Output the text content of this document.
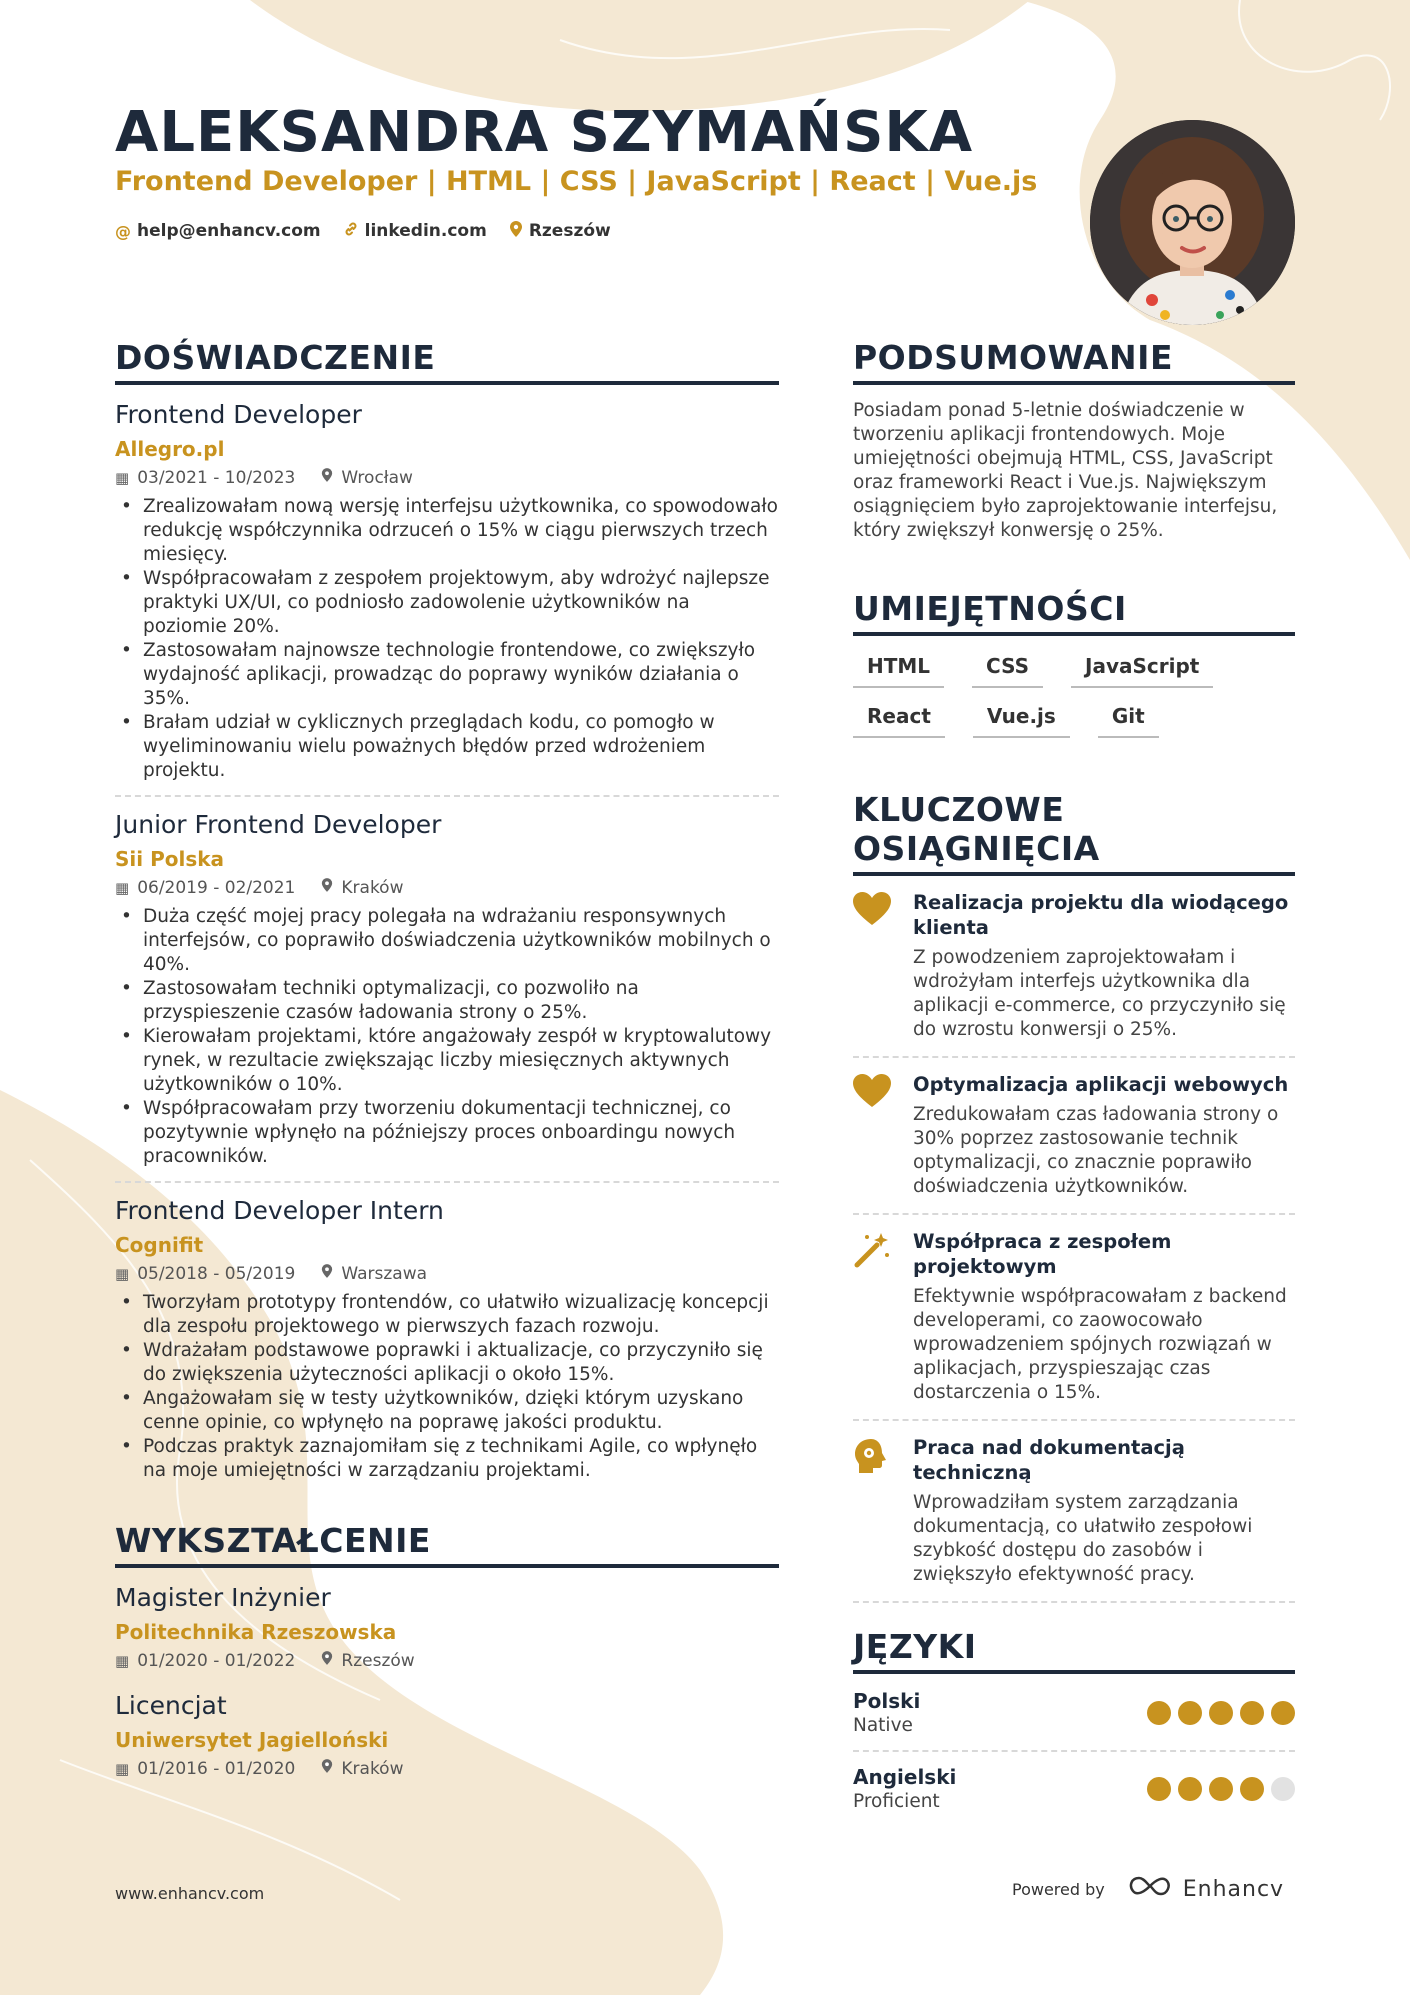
ALEKSANDRA SZYMAŃSKA
Frontend Developer | HTML | CSS | JavaScript | React | Vue.js
@ help@enhancv.com	linkedin.com Rzeszów
DOŚWIADCZENIE
Frontend Developer
Allegro.pl
▦ 03/2021 - 10/2023	Wrocław
• Zrealizowałam nową wersję interfejsu użytkownika, co spowodowało redukcję współczynnika odrzuceń o 15% w ciągu pierwszych trzech miesięcy.
• Współpracowałam z zespołem projektowym, aby wdrożyć najlepsze praktyki UX/UI, co podniosło zadowolenie użytkowników na poziomie 20%.
• Zastosowałam najnowsze technologie frontendowe, co zwiększyło wydajność aplikacji, prowadząc do poprawy wyników działania o 35%.
• Brałam udział w cyklicznych przeglądach kodu, co pomogło w wyeliminowaniu wielu poważnych błędów przed wdrożeniem projektu.
Junior Frontend Developer
Sii Polska
▦ 06/2019 - 02/2021	Kraków
• Duża część mojej pracy polegała na wdrażaniu responsywnych interfejsów, co poprawiło doświadczenia użytkowników mobilnych o 40%.
• Zastosowałam techniki optymalizacji, co pozwoliło na przyspieszenie czasów ładowania strony o 25%.
• Kierowałam projektami, które angażowały zespół w kryptowalutowy rynek, w rezultacie zwiększając liczby miesięcznych aktywnych użytkowników o 10%.
• Współpracowałam przy tworzeniu dokumentacji technicznej, co pozytywnie wpłynęło na późniejszy proces onboardingu nowych pracowników.
Frontend Developer Intern
Cognifit
▦ 05/2018 - 05/2019	Warszawa
• Tworzyłam prototypy frontendów, co ułatwiło wizualizację koncepcji dla zespołu projektowego w pierwszych fazach rozwoju.
• Wdrażałam podstawowe poprawki i aktualizacje, co przyczyniło się do zwiększenia użyteczności aplikacji o około 15%.
• Angażowałam się w testy użytkowników, dzięki którym uzyskano cenne opinie, co wpłynęło na poprawę jakości produktu.
• Podczas praktyk zaznajomiłam się z technikami Agile, co wpłynęło na moje umiejętności w zarządzaniu projektami.
WYKSZTAŁCENIE
Magister Inżynier
Politechnika Rzeszowska
▦ 01/2020 - 01/2022	Rzeszów
Licencjat
Uniwersytet Jagielloński
▦ 01/2016 - 01/2020	Kraków
PODSUMOWANIE
Posiadam ponad 5-letnie doświadczenie w tworzeniu aplikacji frontendowych. Moje umiejętności obejmują HTML, CSS, JavaScript oraz frameworki React i Vue.js. Największym osiągnięciem było zaprojektowanie interfejsu, który zwiększył konwersję o 25%.
UMIEJĘTNOŚCI
HTML	CSS	JavaScript
React	Vue.js	Git
KLUCZOWE OSIĄGNIĘCIA
Realizacja projektu dla wiodącego klienta
Z powodzeniem zaprojektowałam i wdrożyłam interfejs użytkownika dla aplikacji e-commerce, co przyczyniło się do wzrostu konwersji o 25%.
Optymalizacja aplikacji webowych
Zredukowałam czas ładowania strony o 30% poprzez zastosowanie technik optymalizacji, co znacznie poprawiło doświadczenia użytkowników.
Współpraca z zespołem projektowym
Efektywnie współpracowałam z backend developerami, co zaowocowało wprowadzeniem spójnych rozwiązań w aplikacjach, przyspieszając czas dostarczenia o 15%.
Praca nad dokumentacją techniczną
Wprowadziłam system zarządzania dokumentacją, co ułatwiło zespołowi szybkość dostępu do zasobów i zwiększyło efektywność pracy.
JĘZYKI
Polski
Native
Angielski
Proficient
www.enhancv.com	Powered by	Enhancv
